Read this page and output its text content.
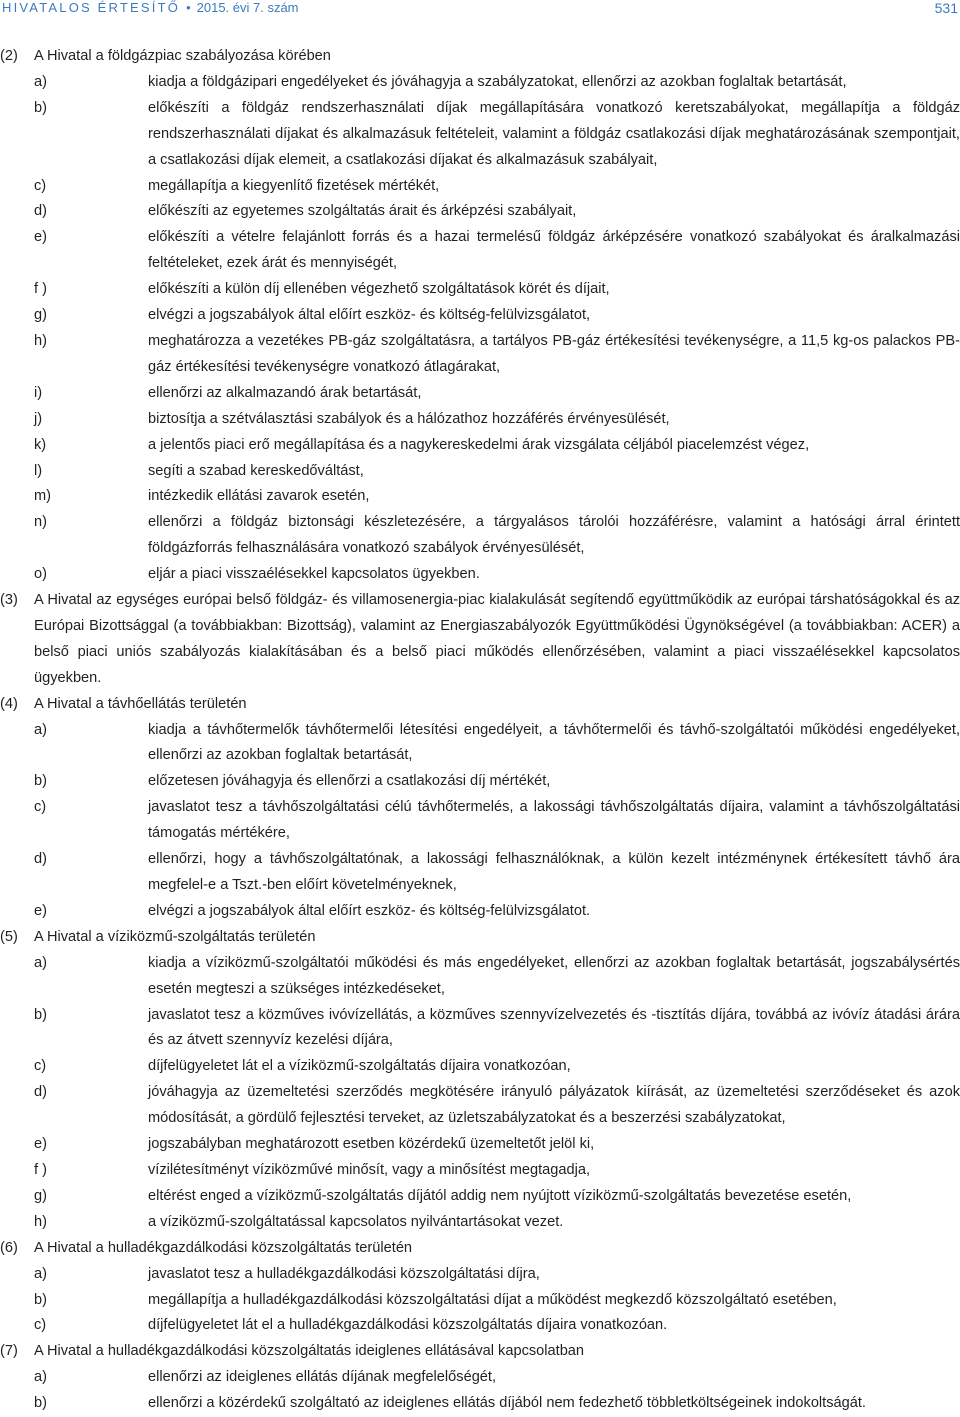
HIVATALOS ÉRTESÍTŐ • 2015. évi 7. szám	531
(2)	A Hivatal a földgázpiac szabályozása körében
a)	kiadja a földgázipari engedélyeket és jóváhagyja a szabályzatokat, ellenőrzi az azokban foglaltak betartását,
b)	előkészíti a földgáz rendszerhasználati díjak megállapítására vonatkozó keretszabályokat, megállapítja a földgáz rendszerhasználati díjakat és alkalmazásuk feltételeit, valamint a földgáz csatlakozási díjak meghatározásának szempontjait, a csatlakozási díjak elemeit, a csatlakozási díjakat és alkalmazásuk szabályait,
c)	megállapítja a kiegyenlítő fizetések mértékét,
d)	előkészíti az egyetemes szolgáltatás árait és árképzési szabályait,
e)	előkészíti a vételre felajánlott forrás és a hazai termelésű földgáz árképzésére vonatkozó szabályokat és áralkalmazási feltételeket, ezek árát és mennyiségét,
f )	előkészíti a külön díj ellenében végezhető szolgáltatások körét és díjait,
g)	elvégzi a jogszabályok által előírt eszköz- és költség-felülvizsgálatot,
h)	meghatározza a vezetékes PB-gáz szolgáltatásra, a tartályos PB-gáz értékesítési tevékenységre, a 11,5 kg-os palackos PB-gáz értékesítési tevékenységre vonatkozó átlagárakat,
i)	ellenőrzi az alkalmazandó árak betartását,
j)	biztosítja a szétválasztási szabályok és a hálózathoz hozzáférés érvényesülését,
k)	a jelentős piaci erő megállapítása és a nagykereskedelmi árak vizsgálata céljából piacelemzést végez,
l)	segíti a szabad kereskedőváltást,
m)	intézkedik ellátási zavarok esetén,
n)	ellenőrzi a földgáz biztonsági készletezésére, a tárgyalásos tárolói hozzáférésre, valamint a hatósági árral érintett földgázforrás felhasználására vonatkozó szabályok érvényesülését,
o)	eljár a piaci visszaélésekkel kapcsolatos ügyekben.
(3)	A Hivatal az egységes európai belső földgáz- és villamosenergia-piac kialakulását segítendő együttműködik az európai társhatóságokkal és az Európai Bizottsággal (a továbbiakban: Bizottság), valamint az Energiaszabályozók Együttműködési Ügynökségével (a továbbiakban: ACER) a belső piaci uniós szabályozás kialakításában és a belső piaci működés ellenőrzésében, valamint a piaci visszaélésekkel kapcsolatos ügyekben.
(4)	A Hivatal a távhőellátás területén
a)	kiadja a távhőtermelők távhőtermelői létesítési engedélyeit, a távhőtermelői és távhő-szolgáltatói működési engedélyeket, ellenőrzi az azokban foglaltak betartását,
b)	előzetesen jóváhagyja és ellenőrzi a csatlakozási díj mértékét,
c)	javaslatot tesz a távhőszolgáltatási célú távhőtermelés, a lakossági távhőszolgáltatás díjaira, valamint a távhőszolgáltatási támogatás mértékére,
d)	ellenőrzi, hogy a távhőszolgáltatónak, a lakossági felhasználóknak, a külön kezelt intézménynek értékesített távhő ára megfelel-e a Tszt.-ben előírt követelményeknek,
e)	elvégzi a jogszabályok által előírt eszköz- és költség-felülvizsgálatot.
(5)	A Hivatal a víziközmű-szolgáltatás területén
a)	kiadja a víziközmű-szolgáltatói működési és más engedélyeket, ellenőrzi az azokban foglaltak betartását, jogszabálysértés esetén megteszi a szükséges intézkedéseket,
b)	javaslatot tesz a közműves ivóvízellátás, a közműves szennyvízelvezetés és -tisztítás díjára, továbbá az ivóvíz átadási árára és az átvett szennyvíz kezelési díjára,
c)	díjfelügyeletet lát el a víziközmű-szolgáltatás díjaira vonatkozóan,
d)	jóváhagyja az üzemeltetési szerződés megkötésére irányuló pályázatok kiírását, az üzemeltetési szerződéseket és azok módosítását, a gördülő fejlesztési terveket, az üzletszabályzatokat és a beszerzési szabályzatokat,
e)	jogszabályban meghatározott esetben közérdekű üzemeltetőt jelöl ki,
f )	vízilétesítményt víziközművé minősít, vagy a minősítést megtagadja,
g)	eltérést enged a víziközmű-szolgáltatás díjától addig nem nyújtott víziközmű-szolgáltatás bevezetése esetén,
h)	a víziközmű-szolgáltatással kapcsolatos nyilvántartásokat vezet.
(6)	A Hivatal a hulladékgazdálkodási közszolgáltatás területén
a)	javaslatot tesz a hulladékgazdálkodási közszolgáltatási díjra,
b)	megállapítja a hulladékgazdálkodási közszolgáltatási díjat a működést megkezdő közszolgáltató esetében,
c)	díjfelügyeletet lát el a hulladékgazdálkodási közszolgáltatás díjaira vonatkozóan.
(7)	A Hivatal a hulladékgazdálkodási közszolgáltatás ideiglenes ellátásával kapcsolatban
a)	ellenőrzi az ideiglenes ellátás díjának megfelelőségét,
b)	ellenőrzi a közérdekű szolgáltató az ideiglenes ellátás díjából nem fedezhető többletköltségeinek indokoltságát.
